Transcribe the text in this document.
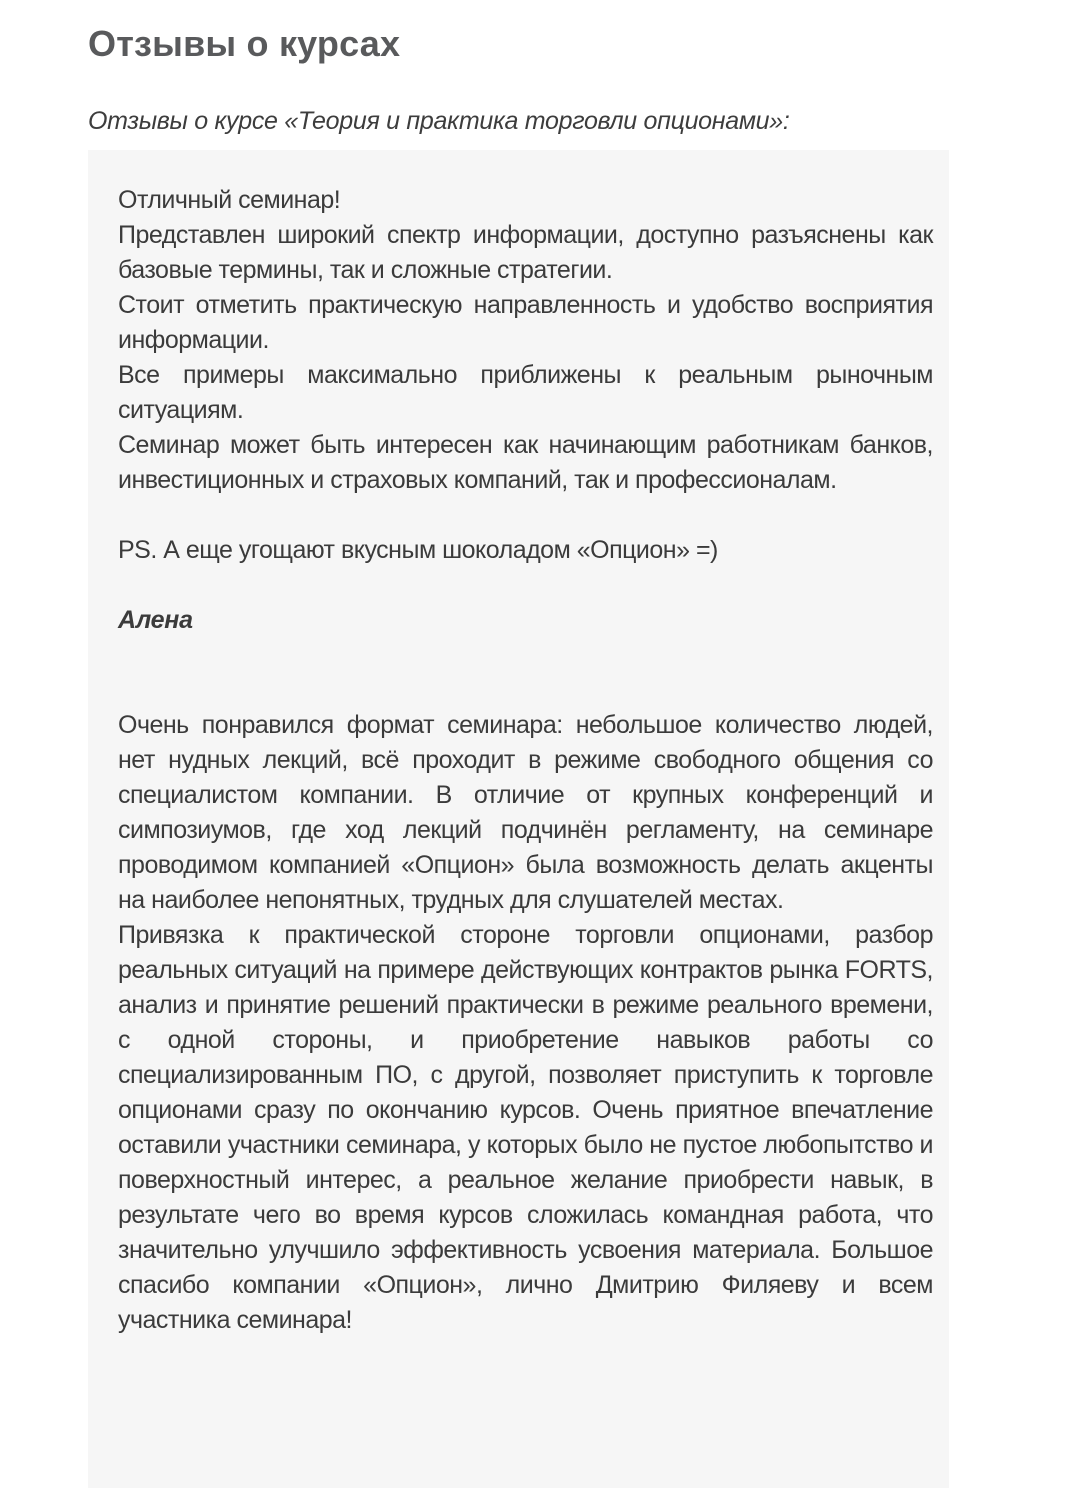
Отзывы о курсах

Отзывы о курсе «Теория и практика торговли опционами»:

Отличный семинар!
Представлен широкий спектр информации, доступно разъяснены как базовые термины, так и сложные стратегии.
Стоит отметить практическую направленность и удобство восприятия информации.
Все примеры максимально приближены к реальным рыночным ситуациям.
Семинар может быть интересен как начинающим работникам банков, инвестиционных и страховых компаний, так и профессионалам.

PS. А еще угощают вкусным шоколадом «Опцион» =)

Алена

Очень понравился формат семинара: небольшое количество людей, нет нудных лекций, всё проходит в режиме свободного общения со специалистом компании. В отличие от крупных конференций и симпозиумов, где ход лекций подчинён регламенту, на семинаре проводимом компанией «Опцион» была возможность делать акценты на наиболее непонятных, трудных для слушателей местах.
Привязка к практической стороне торговли опционами, разбор реальных ситуаций на примере действующих контрактов рынка FORTS, анализ и принятие решений практически в режиме реального времени, с одной стороны, и приобретение навыков работы со специализированным ПО, с другой, позволяет приступить к торговле опционами сразу по окончанию курсов. Очень приятное впечатление оставили участники семинара, у которых было не пустое любопытство и поверхностный интерес, а реальное желание приобрести навык, в результате чего во время курсов сложилась командная работа, что значительно улучшило эффективность усвоения материала. Большое спасибо компании «Опцион», лично Дмитрию Филяеву и всем участника семинара!
